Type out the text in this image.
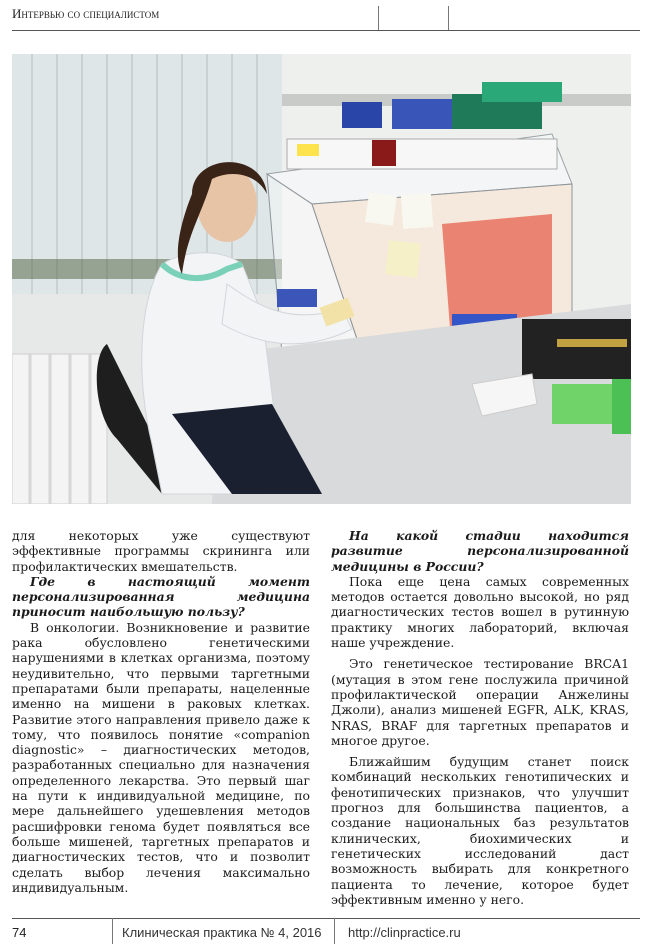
Интервью со специалистом

для некоторых уже существуют эффективные программы скрининга или профилактических вмешательств.

Где в настоящий момент персонализированная медицина приносит наибольшую пользу?

В онкологии. Возникновение и развитие рака обусловлено генетическими нарушениями в клетках организма, поэтому неудивительно, что первыми таргетными препаратами были препараты, нацеленные именно на мишени в раковых клетках. Развитие этого направления привело даже к тому, что появилось понятие «companion diagnostic» – диагностических методов, разработанных специально для назначения определенного лекарства. Это первый шаг на пути к индивидуальной медицине, по мере дальнейшего удешевления методов расшифровки генома будет появляться все больше мишеней, таргетных препаратов и диагностических тестов, что и позволит сделать выбор лечения максимально индивидуальным.

На какой стадии находится развитие персонализированной медицины в России?

Пока еще цена самых современных методов остается довольно высокой, но ряд диагностических тестов вошел в рутинную практику многих лабораторий, включая наше учреждение.

Это генетическое тестирование BRCA1 (мутация в этом гене послужила причиной профилактической операции Анжелины Джоли), анализ мишеней EGFR, ALK, KRAS, NRAS, BRAF для таргетных препаратов и многое другое.

Ближайшим будущим станет поиск комбинаций нескольких генотипических и фенотипических признаков, что улучшит прогноз для большинства пациентов, а создание национальных баз результатов клинических, биохимических и генетических исследований даст возможность выбирать для конкретного пациента то лечение, которое будет эффективным именно у него.

74	Клиническая практика № 4, 2016 http://clinpractice.ru
